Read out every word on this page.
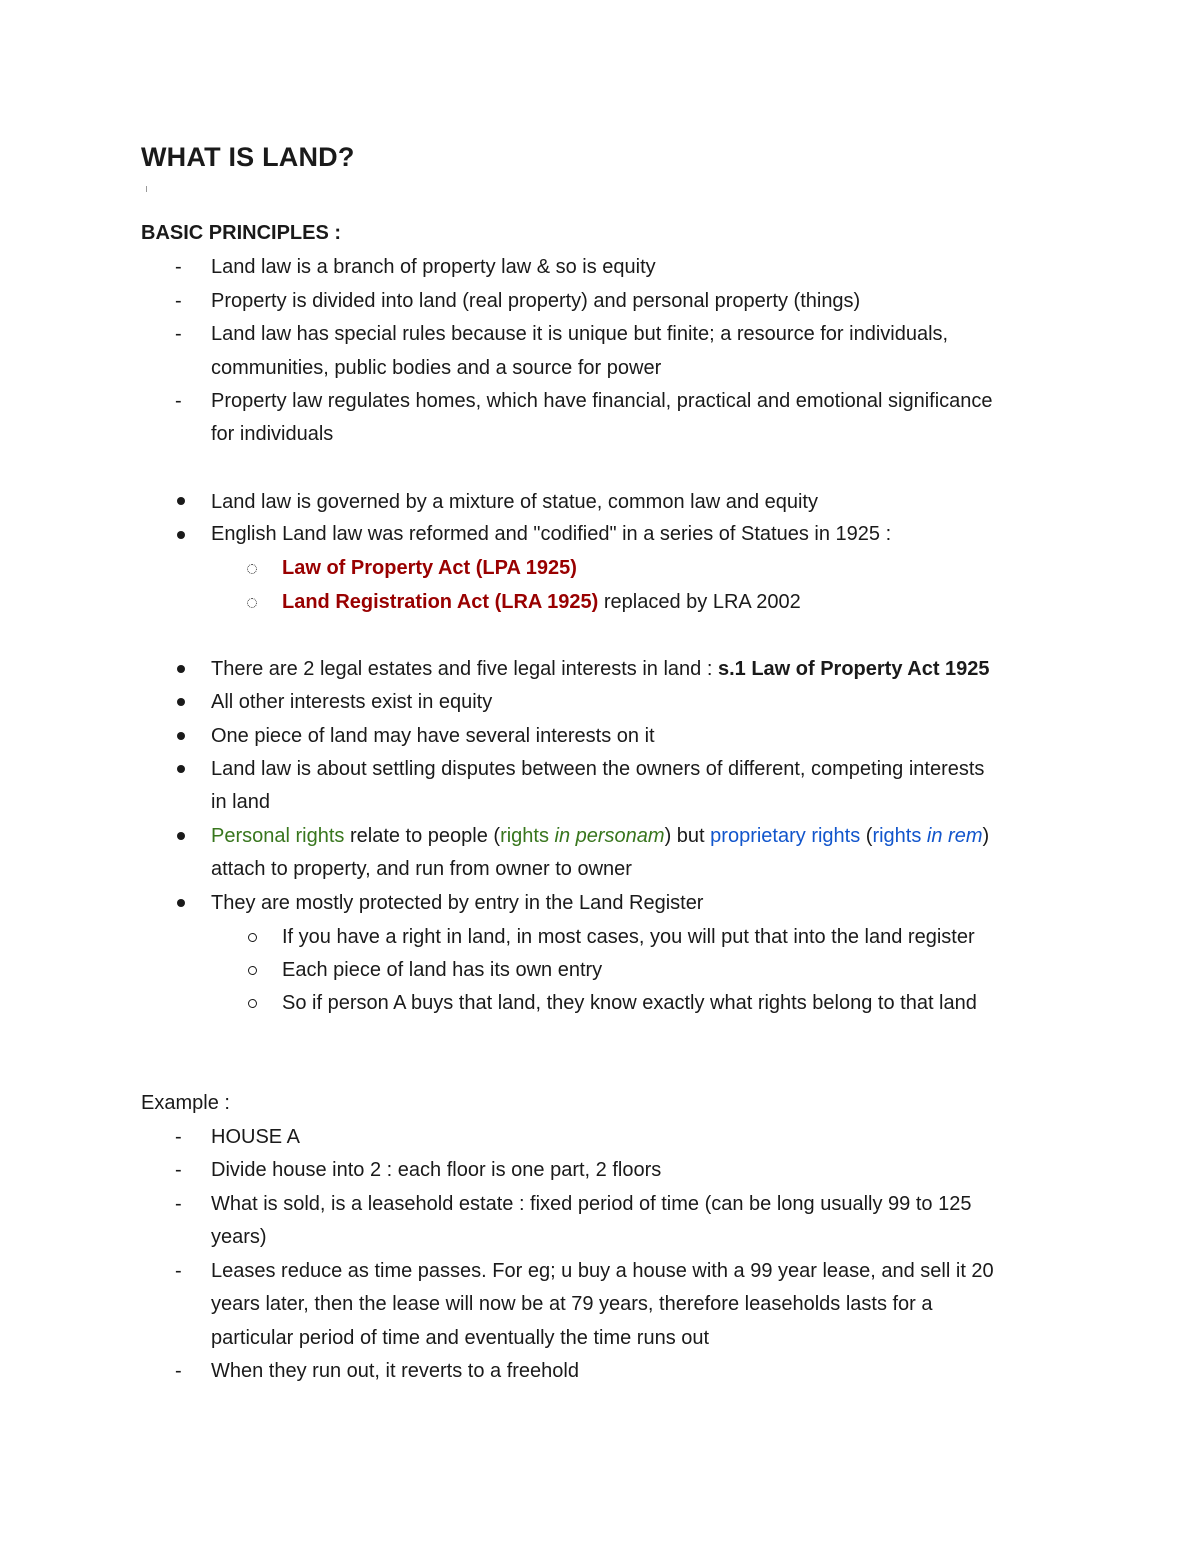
WHAT IS LAND?
BASIC PRINCIPLES :
- Land law is a branch of property law & so is equity
- Property is divided into land (real property) and personal property (things)
- Land law has special rules because it is unique but finite; a resource for individuals,
communities, public bodies and a source for power
- Property law regulates homes, which have financial, practical and emotional significance
for individuals
Land law is governed by a mixture of statue, common law and equity
English Land law was reformed and "codified" in a series of Statues in 1925 :
Law of Property Act (LPA 1925)
Land Registration Act (LRA 1925) replaced by LRA 2002
There are 2 legal estates and five legal interests in land : s.1 Law of Property Act 1925
All other interests exist in equity
One piece of land may have several interests on it
Land law is about settling disputes between the owners of different, competing interests
in land
Personal rights relate to people (rights in personam) but proprietary rights (rights in rem)
attach to property, and run from owner to owner
They are mostly protected by entry in the Land Register
If you have a right in land, in most cases, you will put that into the land register
Each piece of land has its own entry
So if person A buys that land, they know exactly what rights belong to that land
Example :
- HOUSE A
- Divide house into 2 : each floor is one part, 2 floors
- What is sold, is a leasehold estate : fixed period of time (can be long usually 99 to 125
years)
- Leases reduce as time passes. For eg; u buy a house with a 99 year lease, and sell it 20
years later, then the lease will now be at 79 years, therefore leaseholds lasts for a
particular period of time and eventually the time runs out
- When they run out, it reverts to a freehold
